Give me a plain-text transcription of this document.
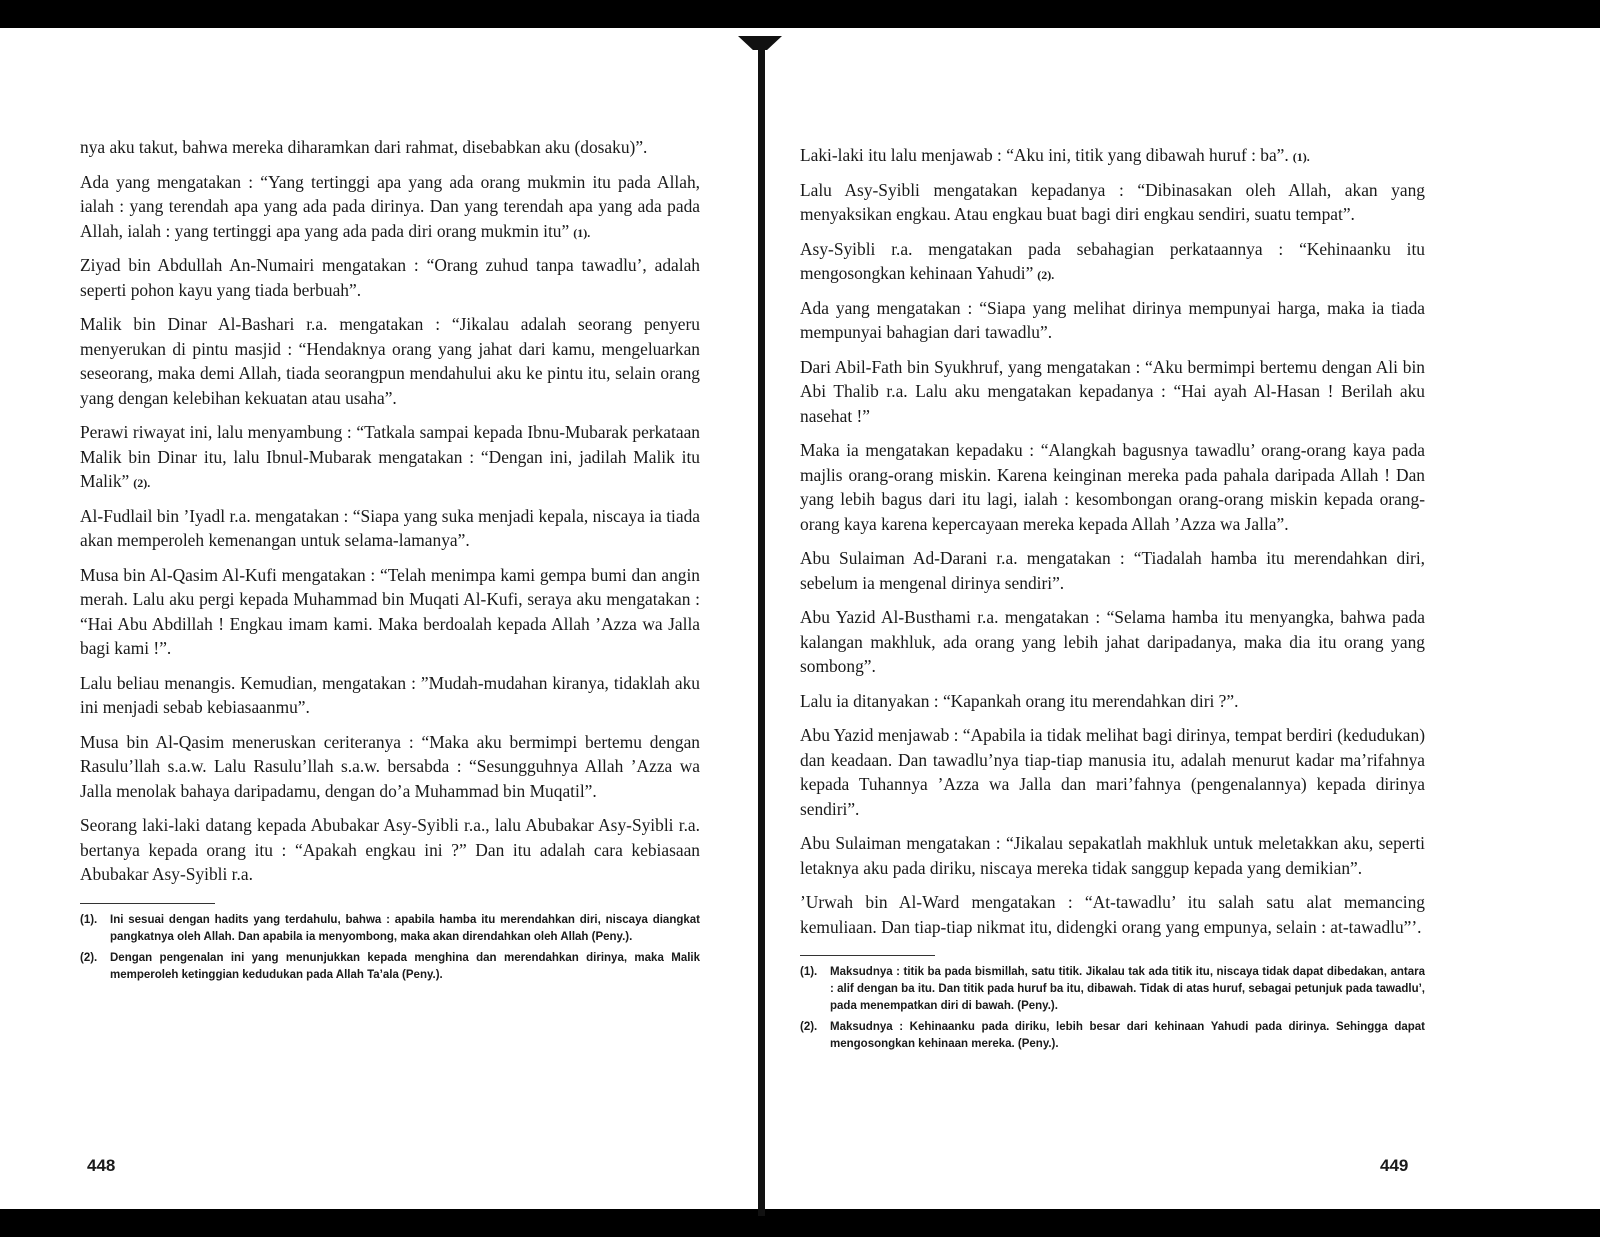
nya aku takut, bahwa mereka diharamkan dari rahmat, disebabkan aku (dosaku)”.

Ada yang mengatakan : “Yang tertinggi apa yang ada orang mukmin itu pada Allah, ialah : yang terendah apa yang ada pada dirinya. Dan yang terendah apa yang ada pada Allah, ialah : yang tertinggi apa yang ada pada diri orang mukmin itu” (1).

Ziyad bin Abdullah An-Numairi mengatakan : “Orang zuhud tanpa tawadlu’, adalah seperti pohon kayu yang tiada berbuah”.

Malik bin Dinar Al-Bashari r.a. mengatakan : “Jikalau adalah seorang penyeru menyerukan di pintu masjid : “Hendaknya orang yang jahat dari kamu, mengeluarkan seseorang, maka demi Allah, tiada seorangpun mendahului aku ke pintu itu, selain orang yang dengan kelebihan kekuatan atau usaha”.

Perawi riwayat ini, lalu menyambung : “Tatkala sampai kepada Ibnu-Mubarak perkataan Malik bin Dinar itu, lalu Ibnul-Mubarak mengatakan : “Dengan ini, jadilah Malik itu Malik” (2).

Al-Fudlail bin ’Iyadl r.a. mengatakan : “Siapa yang suka menjadi kepala, niscaya ia tiada akan memperoleh kemenangan untuk selama-lamanya”.

Musa bin Al-Qasim Al-Kufi mengatakan : “Telah menimpa kami gempa bumi dan angin merah. Lalu aku pergi kepada Muhammad bin Muqati Al-Kufi, seraya aku mengatakan : “Hai Abu Abdillah ! Engkau imam kami. Maka berdoalah kepada Allah ’Azza wa Jalla bagi kami !”.

Lalu beliau menangis. Kemudian, mengatakan : ”Mudah-mudahan kiranya, tidaklah aku ini menjadi sebab kebiasaanmu”.

Musa bin Al-Qasim meneruskan ceriteranya : “Maka aku bermimpi bertemu dengan Rasulu’llah s.a.w. Lalu Rasulu’llah s.a.w. bersabda : “Sesungguhnya Allah ’Azza wa Jalla menolak bahaya daripadamu, dengan do’a Muhammad bin Muqatil”.

Seorang laki-laki datang kepada Abubakar Asy-Syibli r.a., lalu Abubakar Asy-Syibli r.a. bertanya kepada orang itu : “Apakah engkau ini ?” Dan itu adalah cara kebiasaan Abubakar Asy-Syibli r.a.

(1).	Ini sesuai dengan hadits yang terdahulu, bahwa : apabila hamba itu merendahkan diri, niscaya diangkat pangkatnya oleh Allah. Dan apabila ia menyombong, maka akan direndahkan oleh Allah (Peny.).
(2).	Dengan pengenalan ini yang menunjukkan kepada menghina dan merendahkan dirinya, maka Malik memperoleh ketinggian kedudukan pada Allah Ta’ala (Peny.).

Laki-laki itu lalu menjawab : “Aku ini, titik yang dibawah huruf : ba”. (1).

Lalu Asy-Syibli mengatakan kepadanya : “Dibinasakan oleh Allah, akan yang menyaksikan engkau. Atau engkau buat bagi diri engkau sendiri, suatu tempat”.

Asy-Syibli r.a. mengatakan pada sebahagian perkataannya : “Kehinaanku itu mengosongkan kehinaan Yahudi” (2).

Ada yang mengatakan : “Siapa yang melihat dirinya mempunyai harga, maka ia tiada mempunyai bahagian dari tawadlu”.

Dari Abil-Fath bin Syukhruf, yang mengatakan : “Aku bermimpi bertemu dengan Ali bin Abi Thalib r.a. Lalu aku mengatakan kepadanya : “Hai ayah Al-Hasan ! Berilah aku nasehat !”

Maka ia mengatakan kepadaku : “Alangkah bagusnya tawadlu’ orang-orang kaya pada majlis orang-orang miskin. Karena keinginan mereka pada pahala daripada Allah ! Dan yang lebih bagus dari itu lagi, ialah : kesombongan orang-orang miskin kepada orang-orang kaya karena kepercayaan mereka kepada Allah ’Azza wa Jalla”.

Abu Sulaiman Ad-Darani r.a. mengatakan : “Tiadalah hamba itu merendahkan diri, sebelum ia mengenal dirinya sendiri”.

Abu Yazid Al-Busthami r.a. mengatakan : “Selama hamba itu menyangka, bahwa pada kalangan makhluk, ada orang yang lebih jahat daripadanya, maka dia itu orang yang sombong”.

Lalu ia ditanyakan : “Kapankah orang itu merendahkan diri ?”.

Abu Yazid menjawab : “Apabila ia tidak melihat bagi dirinya, tempat berdiri (kedudukan) dan keadaan. Dan tawadlu’nya tiap-tiap manusia itu, adalah menurut kadar ma’rifahnya kepada Tuhannya ’Azza wa Jalla dan mari’fahnya (pengenalannya) kepada dirinya sendiri”.

Abu Sulaiman mengatakan : “Jikalau sepakatlah makhluk untuk meletakkan aku, seperti letaknya aku pada diriku, niscaya mereka tidak sanggup kepada yang demikian”.

’Urwah bin Al-Ward mengatakan : “At-tawadlu’ itu salah satu alat memancing kemuliaan. Dan tiap-tiap nikmat itu, didengki orang yang empunya, selain : at-tawadlu”’.

(1).	Maksudnya : titik ba pada bismillah, satu titik. Jikalau tak ada titik itu, niscaya tidak dapat dibedakan, antara : alif dengan ba itu. Dan titik pada huruf ba itu, dibawah. Tidak di atas huruf, sebagai petunjuk pada tawadlu’, pada menempatkan diri di bawah. (Peny.).
(2).	Maksudnya : Kehinaanku pada diriku, lebih besar dari kehinaan Yahudi pada dirinya. Sehingga dapat mengosongkan kehinaan mereka. (Peny.).
448	449
